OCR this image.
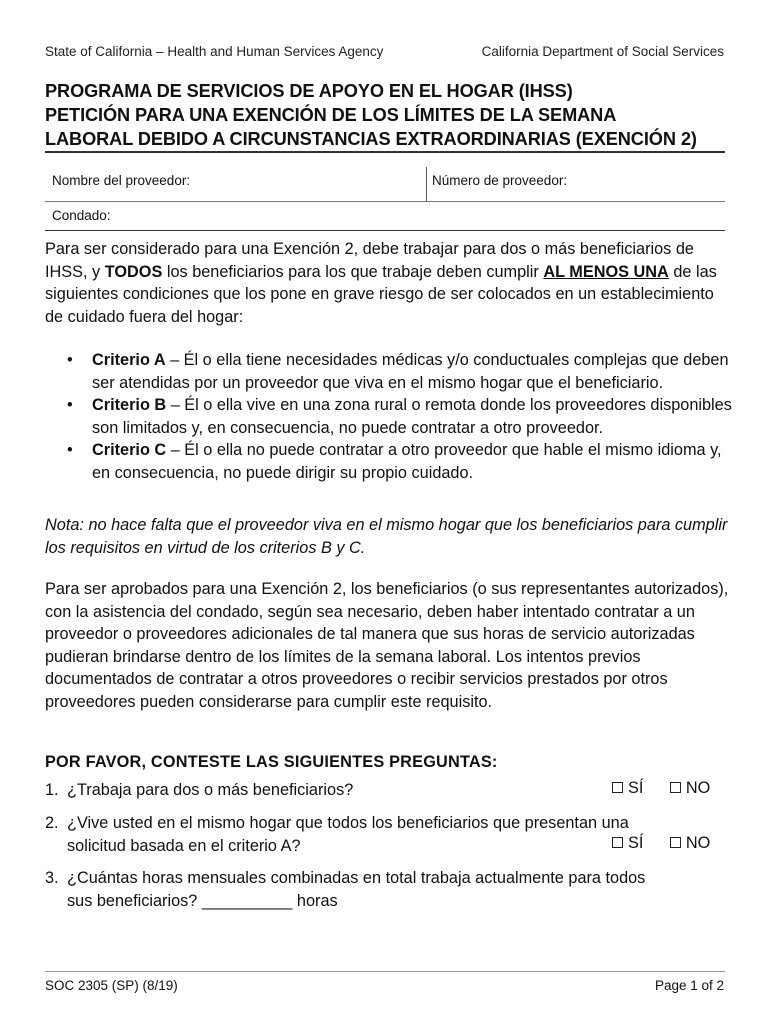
State of California – Health and Human Services Agency	California Department of Social Services
PROGRAMA DE SERVICIOS DE APOYO EN EL HOGAR (IHSS)
PETICIÓN PARA UNA EXENCIÓN DE LOS LÍMITES DE LA SEMANA
LABORAL DEBIDO A CIRCUNSTANCIAS EXTRAORDINARIAS (EXENCIÓN 2)
Nombre del proveedor:	Número de proveedor:
Condado:

Para ser considerado para una Exención 2, debe trabajar para dos o más beneficiarios de IHSS, y TODOS los beneficiarios para los que trabaje deben cumplir AL MENOS UNA de las siguientes condiciones que los pone en grave riesgo de ser colocados en un establecimiento de cuidado fuera del hogar:

• Criterio A – Él o ella tiene necesidades médicas y/o conductuales complejas que deben ser atendidas por un proveedor que viva en el mismo hogar que el beneficiario.
• Criterio B – Él o ella vive en una zona rural o remota donde los proveedores disponibles son limitados y, en consecuencia, no puede contratar a otro proveedor.
• Criterio C – Él o ella no puede contratar a otro proveedor que hable el mismo idioma y, en consecuencia, no puede dirigir su propio cuidado.
Nota: no hace falta que el proveedor viva en el mismo hogar que los beneficiarios para cumplir los requisitos en virtud de los criterios B y C.
Para ser aprobados para una Exención 2, los beneficiarios (o sus representantes autorizados), con la asistencia del condado, según sea necesario, deben haber intentado contratar a un proveedor o proveedores adicionales de tal manera que sus horas de servicio autorizadas pudieran brindarse dentro de los límites de la semana laboral. Los intentos previos documentados de contratar a otros proveedores o recibir servicios prestados por otros proveedores pueden considerarse para cumplir este requisito.
POR FAVOR, CONTESTE LAS SIGUIENTES PREGUNTAS:
1. ¿Trabaja para dos o más beneficiarios?	SÍ	NO
2. ¿Vive usted en el mismo hogar que todos los beneficiarios que presentan una
solicitud basada en el criterio A?	SÍ	NO
3. ¿Cuántas horas mensuales combinadas en total trabaja actualmente para todos
sus beneficiarios? __________ horas
SOC 2305 (SP) (8/19)	Page 1 of 2
